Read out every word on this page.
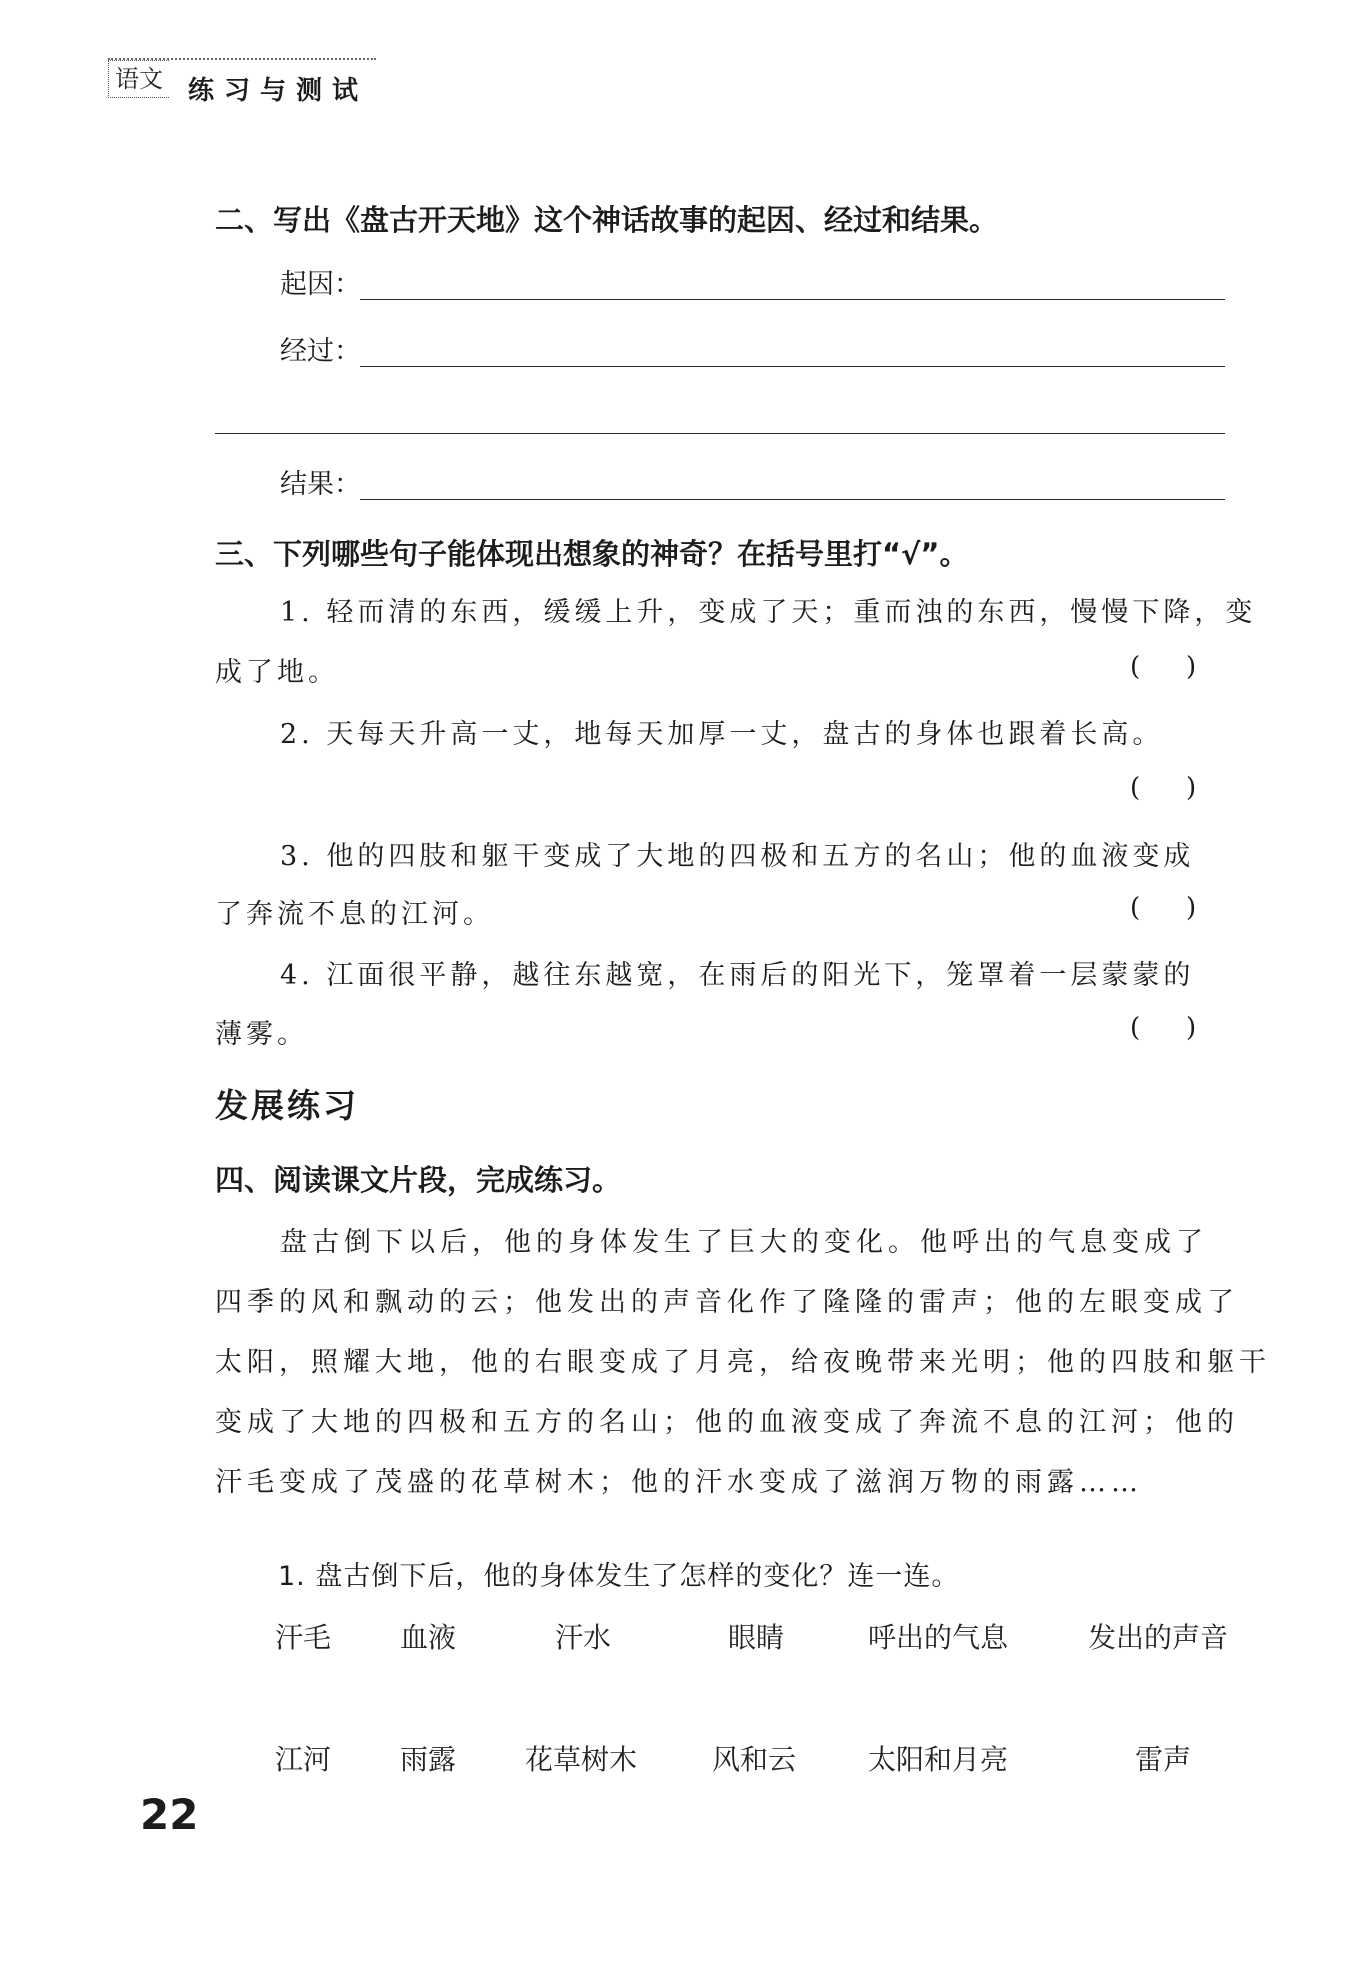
语文 练习与测试
二、写出《盘古开天地》这个神话故事的起因、经过和结果。
起因：
经过：
结果：
三、下列哪些句子能体现出想象的神奇？在括号里打“√”。
1. 轻而清的东西，缓缓上升，变成了天；重而浊的东西，慢慢下降，变
成了地。	( )
2. 天每天升高一丈，地每天加厚一丈，盘古的身体也跟着长高。
( )
3. 他的四肢和躯干变成了大地的四极和五方的名山；他的血液变成
了奔流不息的江河。	( )
4. 江面很平静，越往东越宽，在雨后的阳光下，笼罩着一层蒙蒙的
薄雾。	( )
发展练习
四、阅读课文片段，完成练习。
盘古倒下以后，他的身体发生了巨大的变化。他呼出的气息变成了
四季的风和飘动的云；他发出的声音化作了隆隆的雷声；他的左眼变成了
太阳，照耀大地，他的右眼变成了月亮，给夜晚带来光明；他的四肢和躯干
变成了大地的四极和五方的名山；他的血液变成了奔流不息的江河；他的
汗毛变成了茂盛的花草树木；他的汗水变成了滋润万物的雨露……
1. 盘古倒下后，他的身体发生了怎样的变化？连一连。
汗毛 血液	汗水	眼睛	呼出的气息	发出的声音
江河 雨露 花草树木	风和云	太阳和月亮	雷声
22
